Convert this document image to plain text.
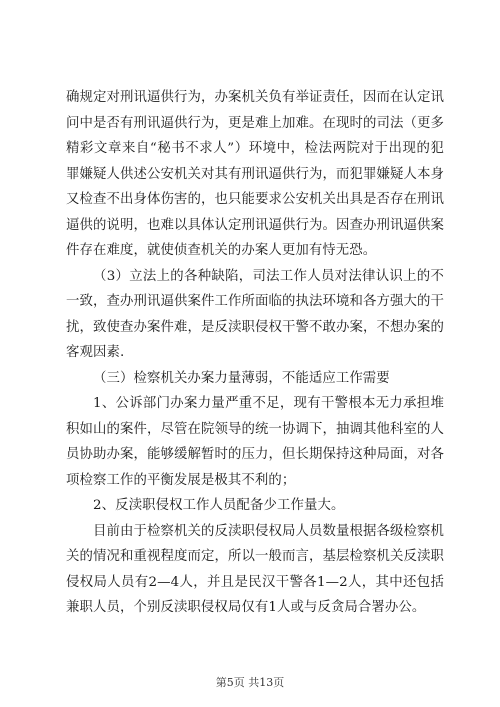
确规定对刑讯逼供行为，办案机关负有举证责任，因而在认定讯问中是否有刑讯逼供行为，更是难上加难。在现时的司法（更多精彩文章来自“秘书不求人”）环境中，检法两院对于出现的犯罪嫌疑人供述公安机关对其有刑讯逼供行为，而犯罪嫌疑人本身又检查不出身体伤害的，也只能要求公安机关出具是否存在刑讯逼供的说明，也难以具体认定刑讯逼供行为。因查办刑讯逼供案件存在难度，就使侦查机关的办案人更加有恃无恐。

（3）立法上的各种缺陷，司法工作人员对法律认识上的不一致，查办刑讯逼供案件工作所面临的执法环境和各方强大的干扰，致使查办案件难，是反渎职侵权干警不敢办案，不想办案的客观因素.

（三）检察机关办案力量薄弱，不能适应工作需要

1、公诉部门办案力量严重不足，现有干警根本无力承担堆积如山的案件，尽管在院领导的统一协调下，抽调其他科室的人员协助办案，能够缓解暂时的压力，但长期保持这种局面，对各项检察工作的平衡发展是极其不利的；

2、反渎职侵权工作人员配备少工作量大。

目前由于检察机关的反渎职侵权局人员数量根据各级检察机关的情况和重视程度而定，所以一般而言，基层检察机关反渎职侵权局人员有2—4人，并且是民汉干警各1—2人，其中还包括兼职人员，个别反渎职侵权局仅有1人或与反贪局合署办公。

第5页 共13页
